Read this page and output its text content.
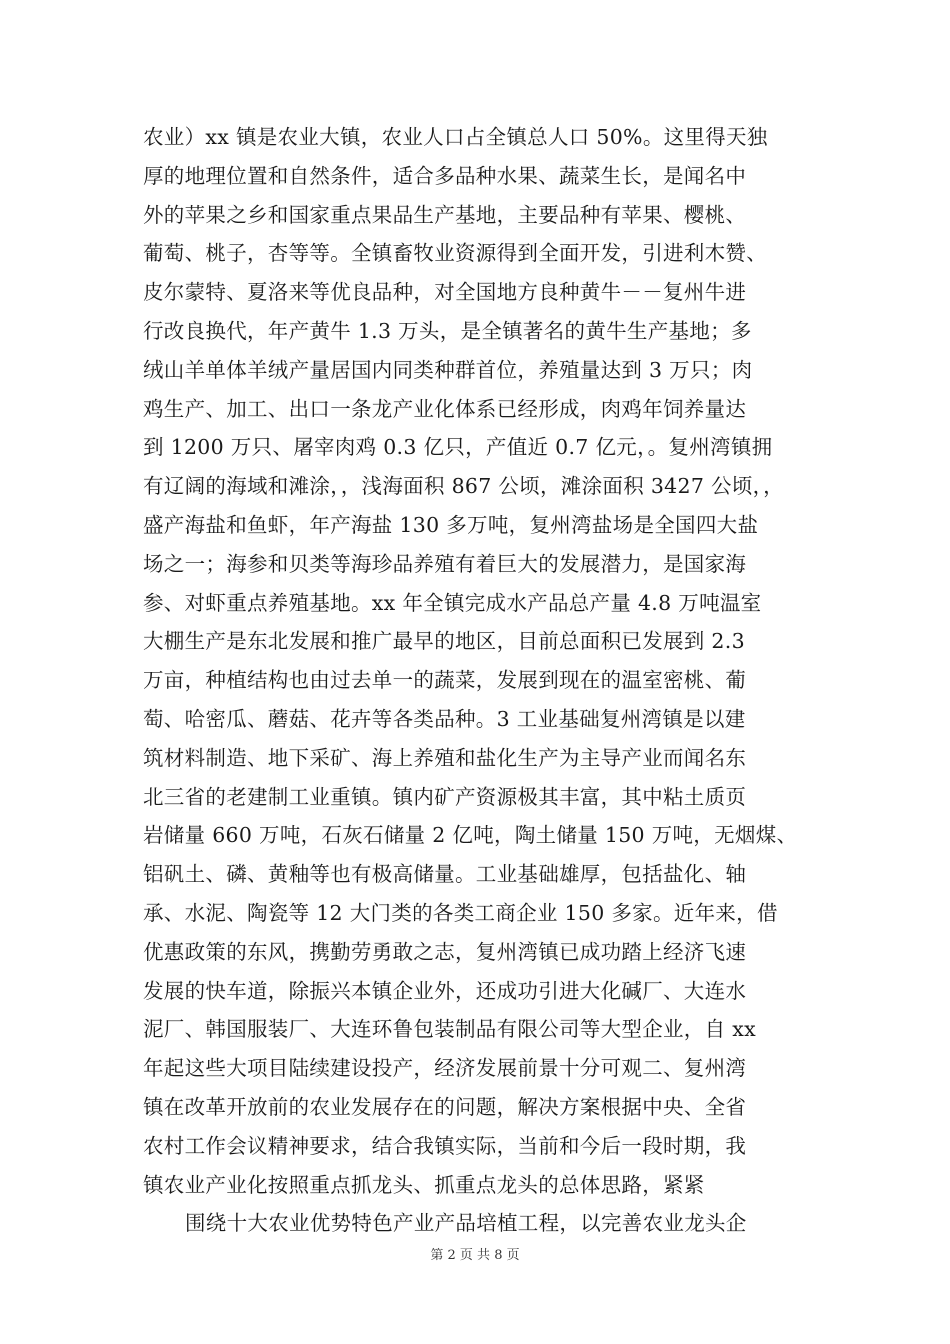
农业）xx 镇是农业大镇，农业人口占全镇总人口 50%。这里得天独
厚的地理位置和自然条件，适合多品种水果、蔬菜生长，是闻名中
外的苹果之乡和国家重点果品生产基地，主要品种有苹果、樱桃、
葡萄、桃子，杏等等。全镇畜牧业资源得到全面开发，引进利木赞、
皮尔蒙特、夏洛来等优良品种，对全国地方良种黄牛－－复州牛进
行改良换代，年产黄牛 1.3 万头，是全镇著名的黄牛生产基地；多
绒山羊单体羊绒产量居国内同类种群首位，养殖量达到 3 万只；肉
鸡生产、加工、出口一条龙产业化体系已经形成，肉鸡年饲养量达
到 1200 万只、屠宰肉鸡 0.3 亿只，产值近 0.7 亿元，。复州湾镇拥
有辽阔的海域和滩涂，，浅海面积 867 公顷，滩涂面积 3427 公顷，，
盛产海盐和鱼虾，年产海盐 130 多万吨，复州湾盐场是全国四大盐
场之一；海参和贝类等海珍品养殖有着巨大的发展潜力，是国家海
参、对虾重点养殖基地。xx 年全镇完成水产品总产量 4.8 万吨温室
大棚生产是东北发展和推广最早的地区，目前总面积已发展到 2.3
万亩，种植结构也由过去单一的蔬菜，发展到现在的温室密桃、葡
萄、哈密瓜、蘑菇、花卉等各类品种。3 工业基础复州湾镇是以建
筑材料制造、地下采矿、海上养殖和盐化生产为主导产业而闻名东
北三省的老建制工业重镇。镇内矿产资源极其丰富，其中粘土质页
岩储量 660 万吨，石灰石储量 2 亿吨，陶土储量 150 万吨，无烟煤、
铝矾土、磷、黄釉等也有极高储量。工业基础雄厚，包括盐化、轴
承、水泥、陶瓷等 12 大门类的各类工商企业 150 多家。近年来，借
优惠政策的东风，携勤劳勇敢之志，复州湾镇已成功踏上经济飞速
发展的快车道，除振兴本镇企业外，还成功引进大化碱厂、大连水
泥厂、韩国服装厂、大连环鲁包装制品有限公司等大型企业，自 xx
年起这些大项目陆续建设投产，经济发展前景十分可观二、复州湾
镇在改革开放前的农业发展存在的问题，解决方案根据中央、全省
农村工作会议精神要求，结合我镇实际，当前和今后一段时期，我
镇农业产业化按照重点抓龙头、抓重点龙头的总体思路，紧紧
围绕十大农业优势特色产业产品培植工程，以完善农业龙头企
第 2 页 共 8 页
